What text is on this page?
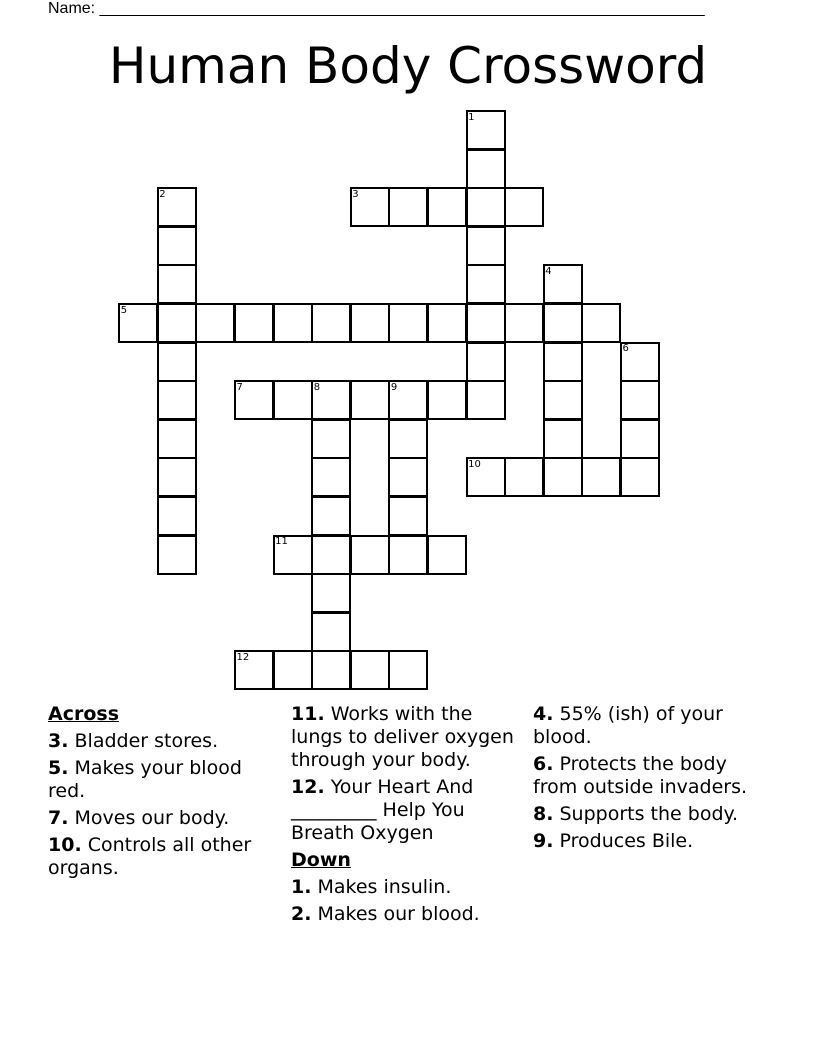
Name: ____________________________________________________________________
Human Body Crossword
1
2	3
4
5
6
7	8	9
10
11
12
Across
3. Bladder stores.
5. Makes your blood red.
7. Moves our body.
10. Controls all other organs.
11. Works with the lungs to deliver oxygen through your body.
12. Your Heart And _________ Help You Breath Oxygen
Down
1. Makes insulin.
2. Makes our blood.
4. 55% (ish) of your blood.
6. Protects the body from outside invaders.
8. Supports the body.
9. Produces Bile.
